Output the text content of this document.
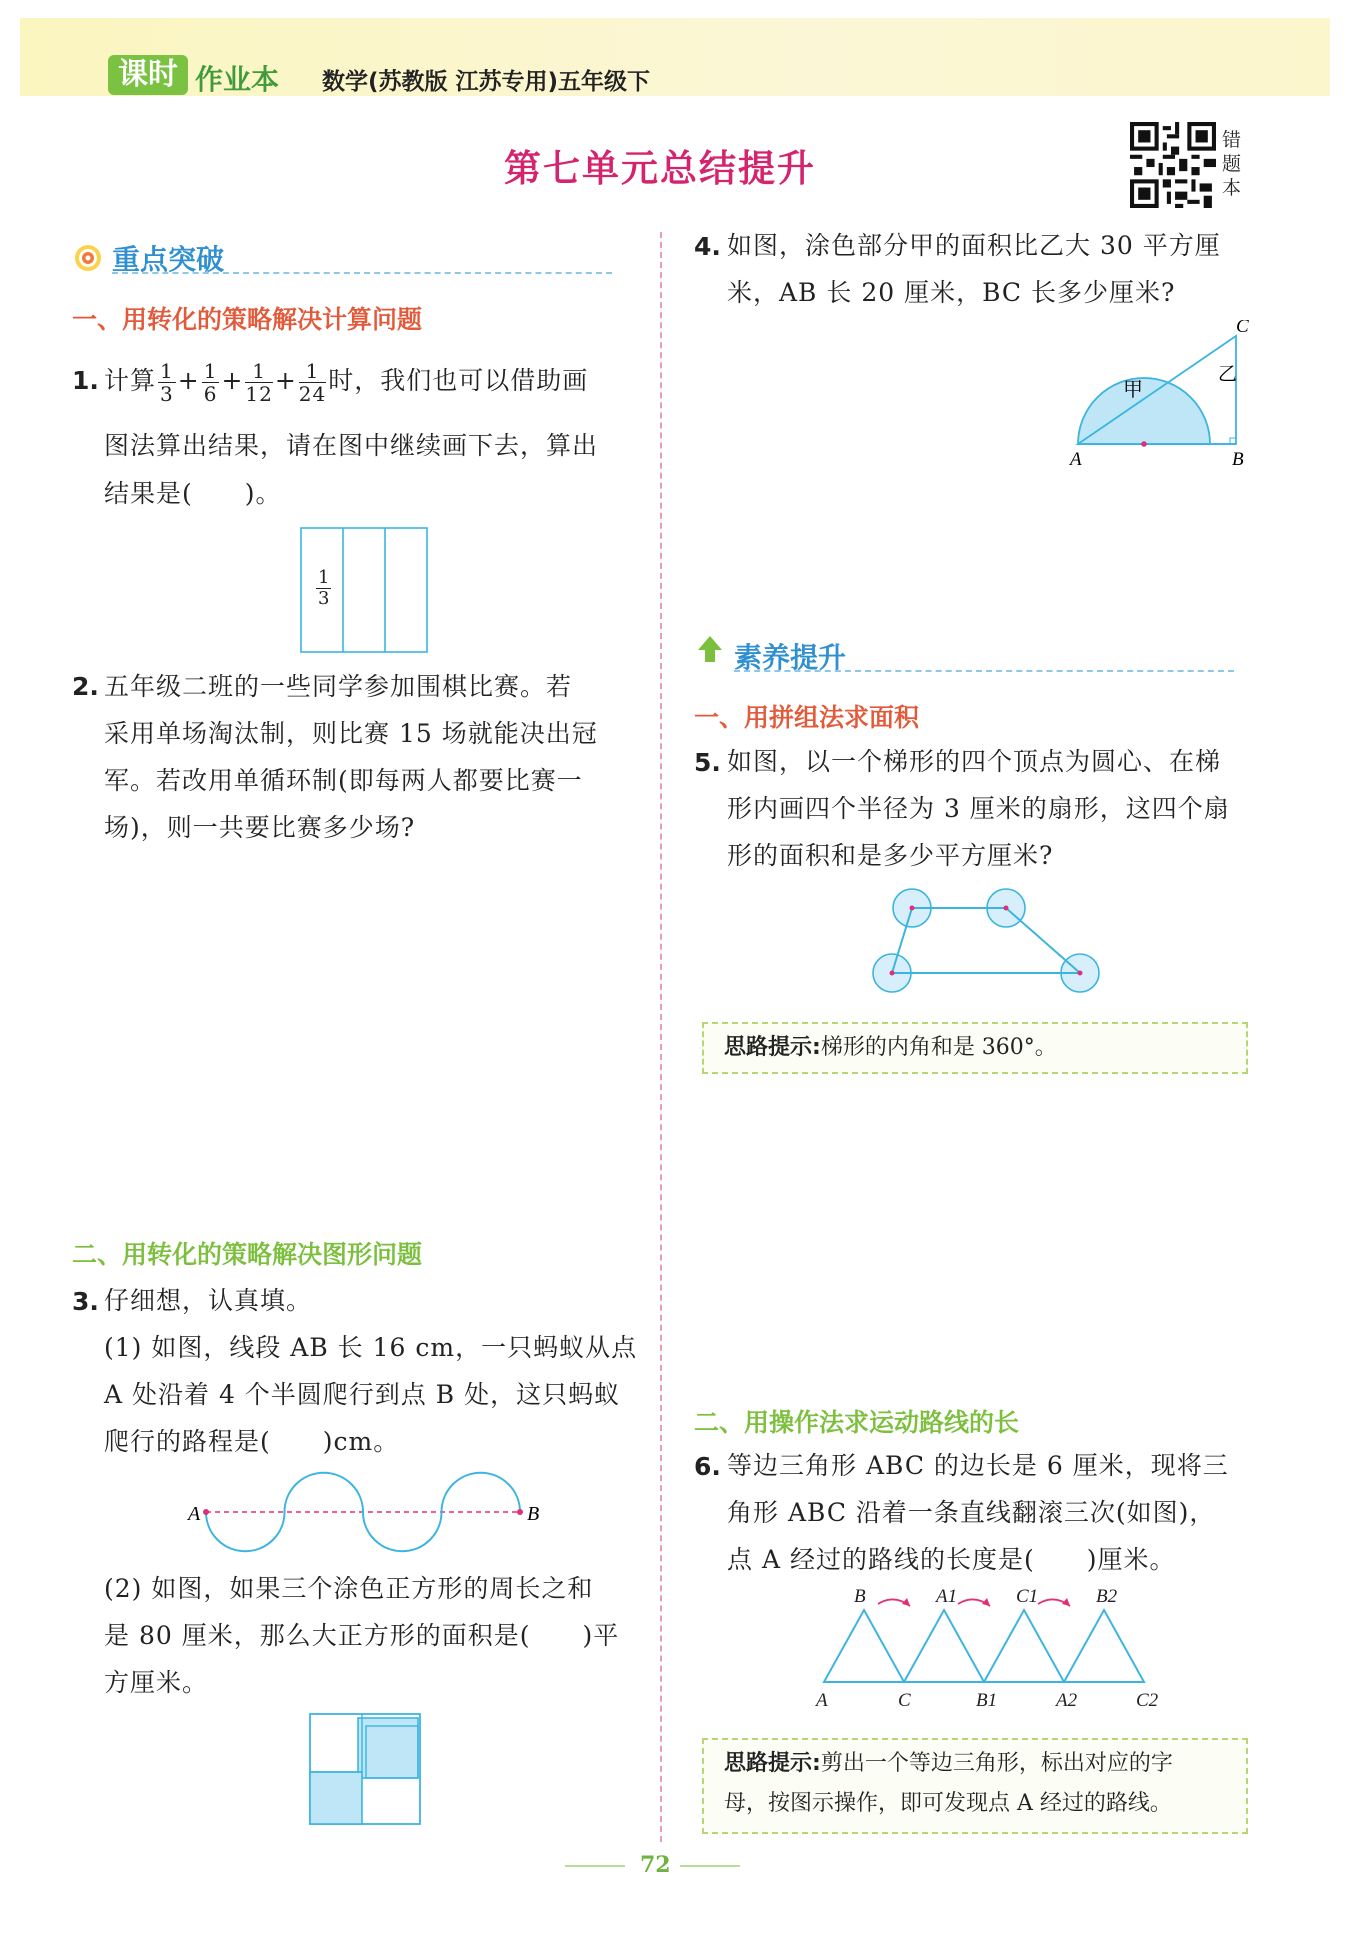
课时 作业本 数学(苏教版 江苏专用)五年级下
第七单元总结提升
错题本
重点突破
一、用转化的策略解决计算问题
1. 计算 $\frac{1}{3} + \frac{1}{6} + \frac{1}{12} + \frac{1}{24}$ 时，我们也可以借助画
图法算出结果，请在图中继续画下去，算出
结果是(　　)。
$\frac{1}{3}$
2. 五年级二班的一些同学参加围棋比赛。若
采用单场淘汰制，则比赛 15 场就能决出冠
军。若改用单循环制(即每两人都要比赛一
场)，则一共要比赛多少场?
二、用转化的策略解决图形问题
3. 仔细想，认真填。
(1) 如图，线段 AB 长 16 cm，一只蚂蚁从点
A 处沿着 4 个半圆爬行到点 B 处，这只蚂蚁
爬行的路程是(　　)cm。
A	B
(2) 如图，如果三个涂色正方形的周长之和
是 80 厘米，那么大正方形的面积是(　　)平
方厘米。
4. 如图，涂色部分甲的面积比乙大 30 平方厘
米，AB 长 20 厘米，BC 长多少厘米?
甲
乙
A	B
C
素养提升
一、用拼组法求面积
5. 如图，以一个梯形的四个顶点为圆心、在梯
形内画四个半径为 3 厘米的扇形，这四个扇
形的面积和是多少平方厘米?
思路提示:梯形的内角和是 360°。
二、用操作法求运动路线的长
6. 等边三角形 ABC 的边长是 6 厘米，现将三
角形 ABC 沿着一条直线翻滚三次(如图)，
点 A 经过的路线的长度是(　　)厘米。
B	A1	C1	B2
A	C	B1	A2	C2
思路提示:剪出一个等边三角形，标出对应的字
母，按图示操作，即可发现点 A 经过的路线。
72
